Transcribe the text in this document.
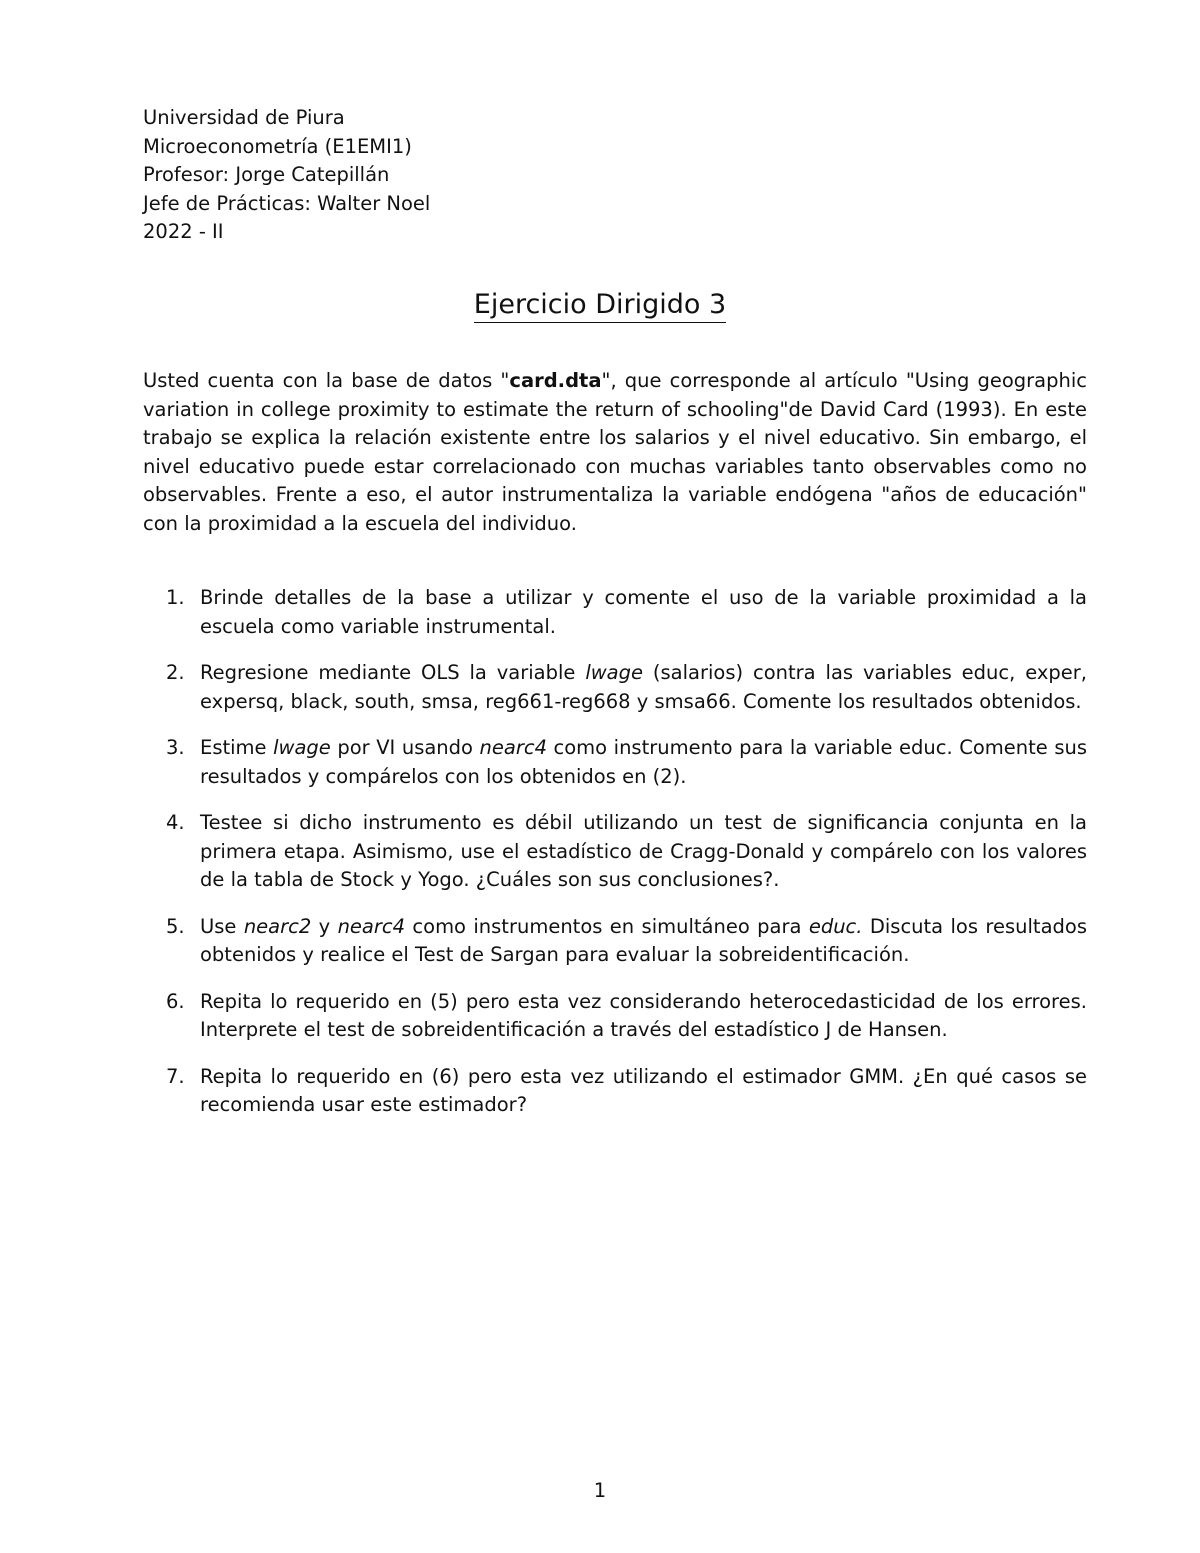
Universidad de Piura
Microeconometría (E1EMI1)
Profesor: Jorge Catepillán
Jefe de Prácticas: Walter Noel
2022 - II
Ejercicio Dirigido 3

Usted cuenta con la base de datos "card.dta", que corresponde al artículo "Using geographic variation in college proximity to estimate the return of schooling"de David Card (1993). En este trabajo se explica la relación existente entre los salarios y el nivel educativo. Sin embargo, el nivel educativo puede estar correlacionado con muchas variables tanto observables como no observables. Frente a eso, el autor instrumentaliza la variable endógena "años de educación" con la proximidad a la escuela del individuo.

1. Brinde detalles de la base a utilizar y comente el uso de la variable proximidad a la escuela como variable instrumental.
2. Regresione mediante OLS la variable lwage (salarios) contra las variables educ, exper, expersq, black, south, smsa, reg661-reg668 y smsa66. Comente los resultados obtenidos.
3. Estime lwage por VI usando nearc4 como instrumento para la variable educ. Comente sus resultados y compárelos con los obtenidos en (2).
4. Testee si dicho instrumento es débil utilizando un test de significancia conjunta en la primera etapa. Asimismo, use el estadístico de Cragg-Donald y compárelo con los valores de la tabla de Stock y Yogo. ¿Cuáles son sus conclusiones?.
5. Use nearc2 y nearc4 como instrumentos en simultáneo para educ. Discuta los resultados obtenidos y realice el Test de Sargan para evaluar la sobreidentificación.
6. Repita lo requerido en (5) pero esta vez considerando heterocedasticidad de los errores. Interprete el test de sobreidentificación a través del estadístico J de Hansen.
7. Repita lo requerido en (6) pero esta vez utilizando el estimador GMM. ¿En qué casos se recomienda usar este estimador?
1
